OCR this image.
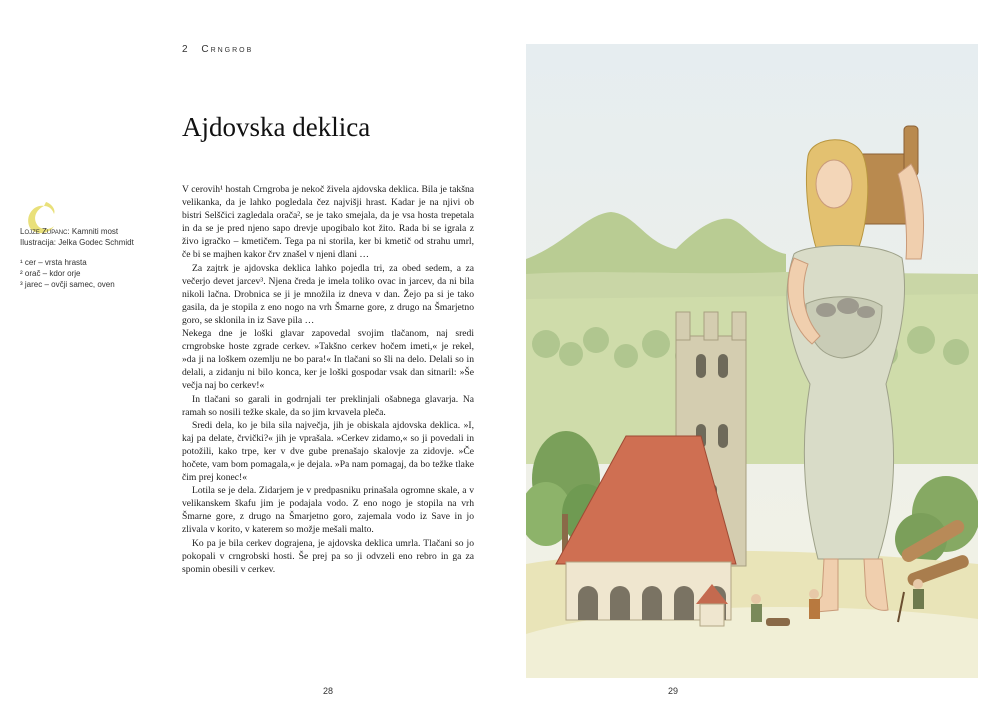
2 Crngrob
Ajdovska deklica
Lojze Zupanc: Kamniti most
Ilustracija: Jelka Godec Schmidt
¹ cer – vrsta hrasta
² orač – kdor orje
³ jarec – ovčji samec, oven

V cerovih¹ hostah Crngroba je nekoč živela ajdovska deklica. Bila je takšna velikanka, da je lahko pogledala čez najvišji hrast. Kadar je na njivi ob bistri Selščici zagledala orača², se je tako smejala, da je vsa hosta trepetala in da se je pred njeno sapo drevje upogibalo kot žito. Rada bi se igrala z živo igračko – kmetičem. Tega pa ni storila, ker bi kmetič od strahu umrl, če bi se majhen kakor črv znašel v njeni dlani …

Za zajtrk je ajdovska deklica lahko pojedla tri, za obed sedem, a za večerjo devet jarcev³. Njena čreda je imela toliko ovac in jarcev, da ni bila nikoli lačna. Drobnica se ji je množila iz dneva v dan. Žejo pa si je tako gasila, da je stopila z eno nogo na vrh Šmarne gore, z drugo na Šmarjetno goro, se sklonila in iz Save pila …

Nekega dne je loški glavar zapovedal svojim tlačanom, naj sredi crngrobske hoste zgrade cerkev. »Takšno cerkev hočem imeti,« je rekel, »da ji na loškem ozemlju ne bo para!« In tlačani so šli na delo. Delali so in delali, a zidanju ni bilo konca, ker je loški gospodar vsak dan sitnaril: »Še večja naj bo cerkev!«

In tlačani so garali in godrnjali ter preklinjali ošabnega glavarja. Na ramah so nosili težke skale, da so jim krvavela pleča.

Sredi dela, ko je bila sila največja, jih je obiskala ajdovska deklica. »I, kaj pa delate, črvički?« jih je vprašala. »Cerkev zidamo,« so ji povedali in potožili, kako trpe, ker v dve gube prenašajo skalovje za zidovje. »Če hočete, vam bom pomagala,« je dejala. »Pa nam pomagaj, da bo težke tlake čim prej konec!«

Lotila se je dela. Zidarjem je v predpasniku prinašala ogromne skale, a v velikanskem škafu jim je podajala vodo. Z eno nogo je stopila na vrh Šmarne gore, z drugo na Šmarjetno goro, zajemala vodo iz Save in jo zlivala v korito, v katerem so možje mešali malto.

Ko pa je bila cerkev dograjena, je ajdovska deklica umrla. Tlačani so jo pokopali v crngrobski hosti. Še prej pa so ji odvzeli eno rebro in ga za spomin obesili v cerkev.

28	29
